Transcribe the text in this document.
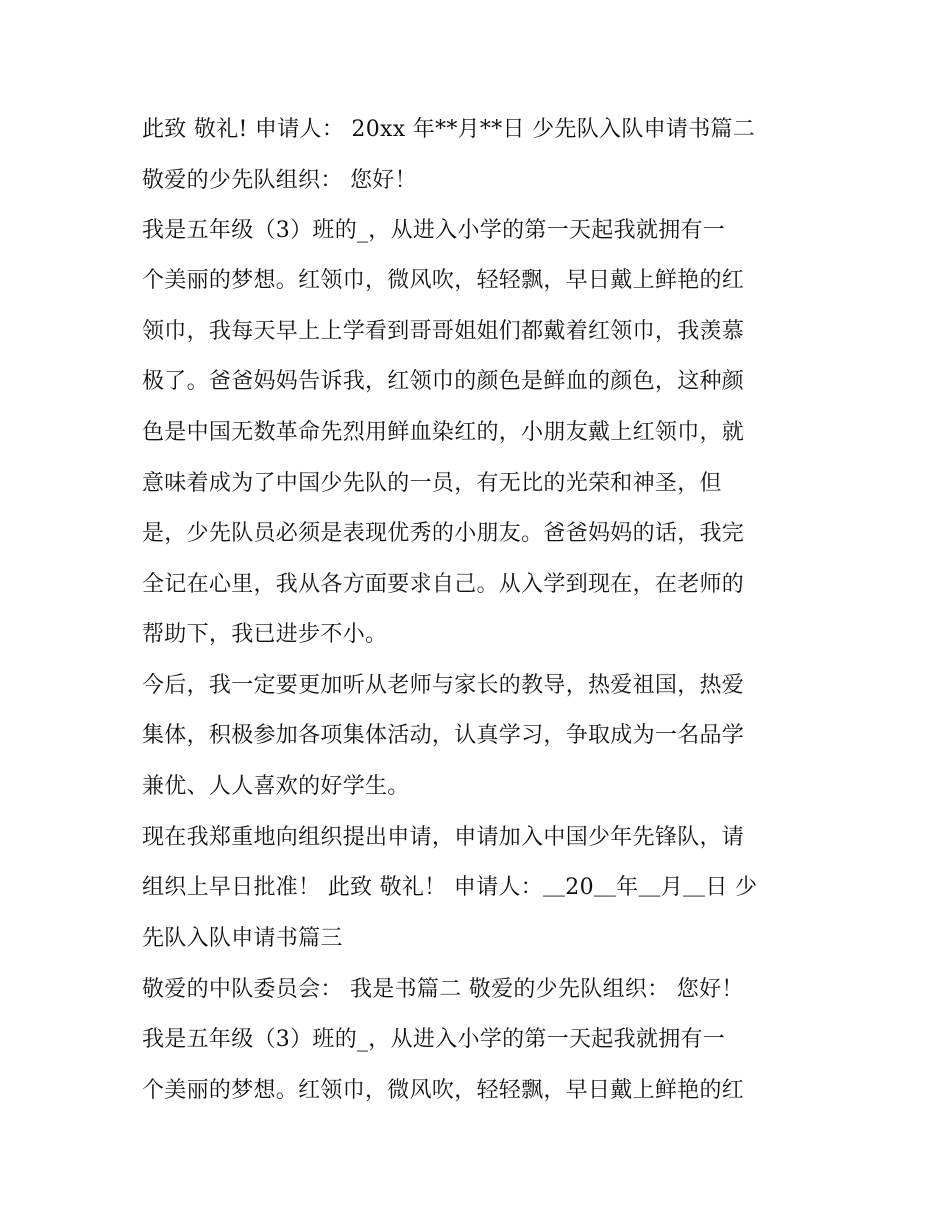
此致 敬礼! 申请人： 20xx 年**月**日 少先队入队申请书篇二
敬爱的少先队组织： 您好！
我是五年级（3）班的_，从进入小学的第一天起我就拥有一
个美丽的梦想。红领巾，微风吹，轻轻飘，早日戴上鲜艳的红
领巾，我每天早上上学看到哥哥姐姐们都戴着红领巾，我羡慕
极了。爸爸妈妈告诉我，红领巾的颜色是鲜血的颜色，这种颜
色是中国无数革命先烈用鲜血染红的，小朋友戴上红领巾，就
意味着成为了中国少先队的一员，有无比的光荣和神圣，但
是，少先队员必须是表现优秀的小朋友。爸爸妈妈的话，我完
全记在心里，我从各方面要求自己。从入学到现在，在老师的
帮助下，我已进步不小。
今后，我一定要更加听从老师与家长的教导，热爱祖国，热爱
集体，积极参加各项集体活动，认真学习，争取成为一名品学
兼优、人人喜欢的好学生。
现在我郑重地向组织提出申请，申请加入中国少年先锋队，请
组织上早日批准！ 此致 敬礼！ 申请人：＿20＿年＿月＿日 少
先队入队申请书篇三
敬爱的中队委员会： 我是书篇二 敬爱的少先队组织： 您好！
我是五年级（3）班的_，从进入小学的第一天起我就拥有一
个美丽的梦想。红领巾，微风吹，轻轻飘，早日戴上鲜艳的红
